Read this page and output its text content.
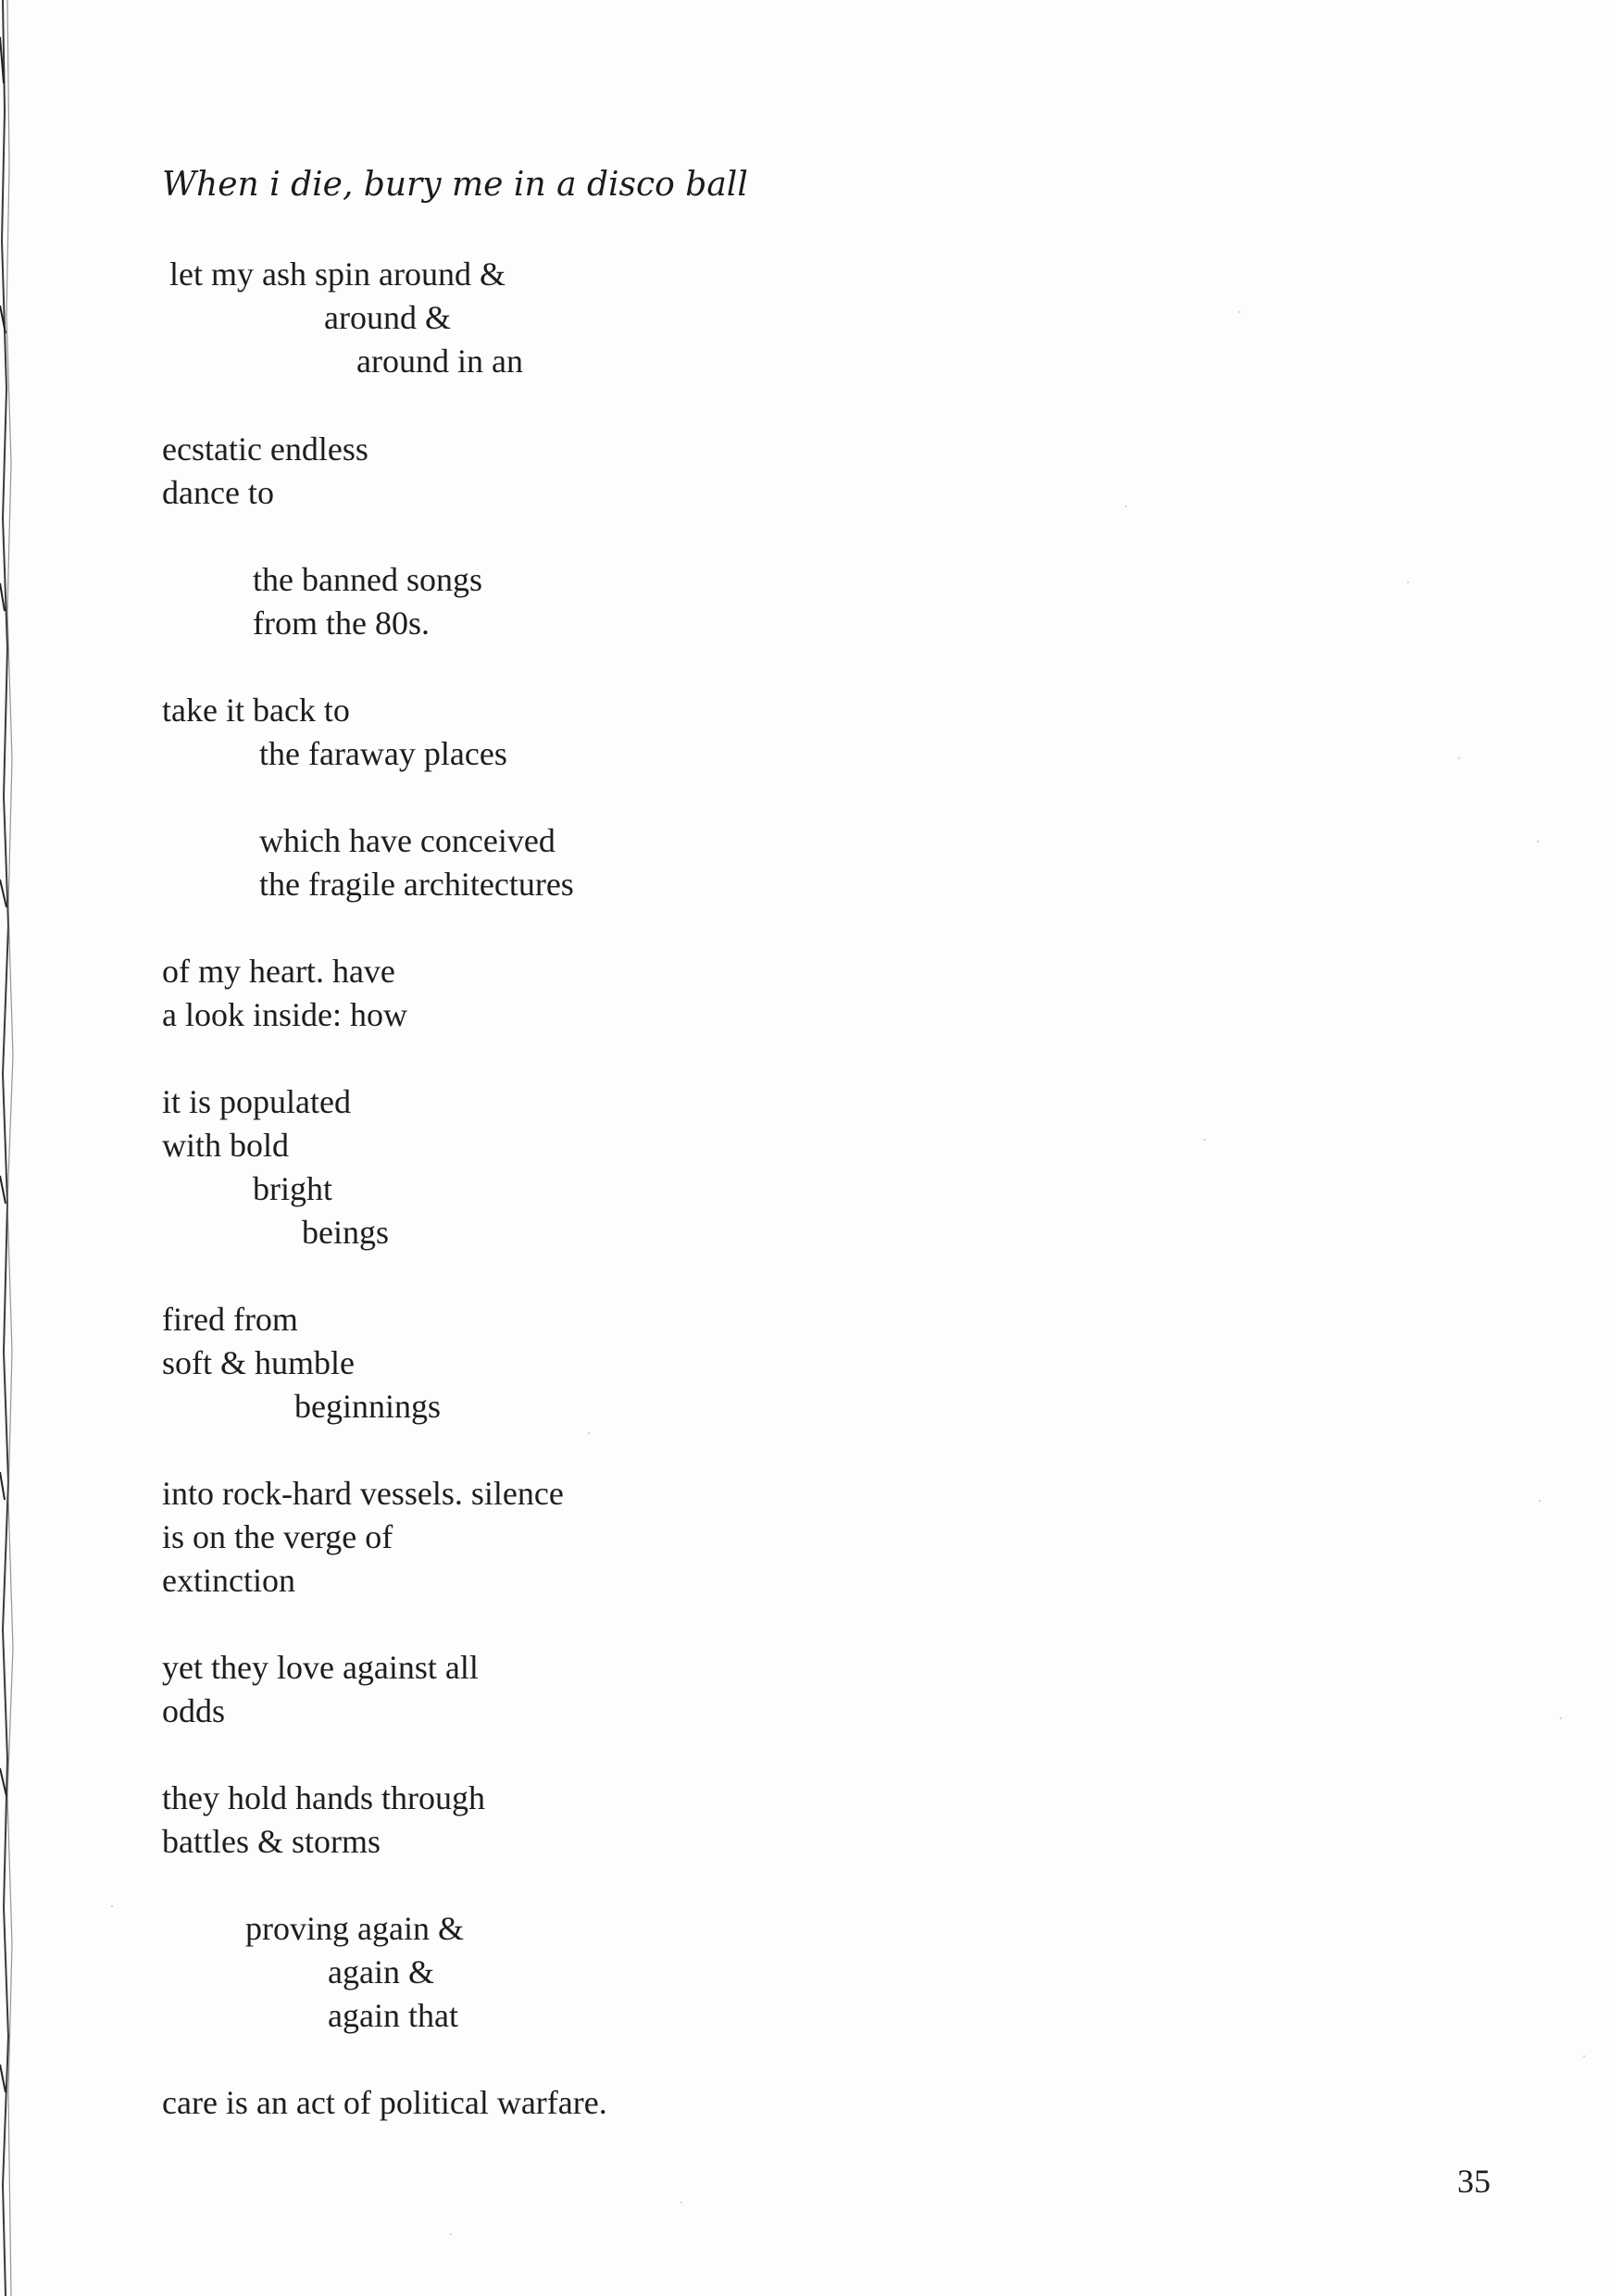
When i die, bury me in a disco ball

let my ash spin around &

around &

around in an

ecstatic endless

dance to

the banned songs

from the 80s.

take it back to

the faraway places

which have conceived

the fragile architectures

of my heart. have

a look inside: how

it is populated

with bold

bright

beings

fired from

soft & humble

beginnings

into rock-hard vessels. silence

is on the verge of

extinction

yet they love against all

odds

they hold hands through

battles & storms

proving again &

again &

again that

care is an act of political warfare.

35
